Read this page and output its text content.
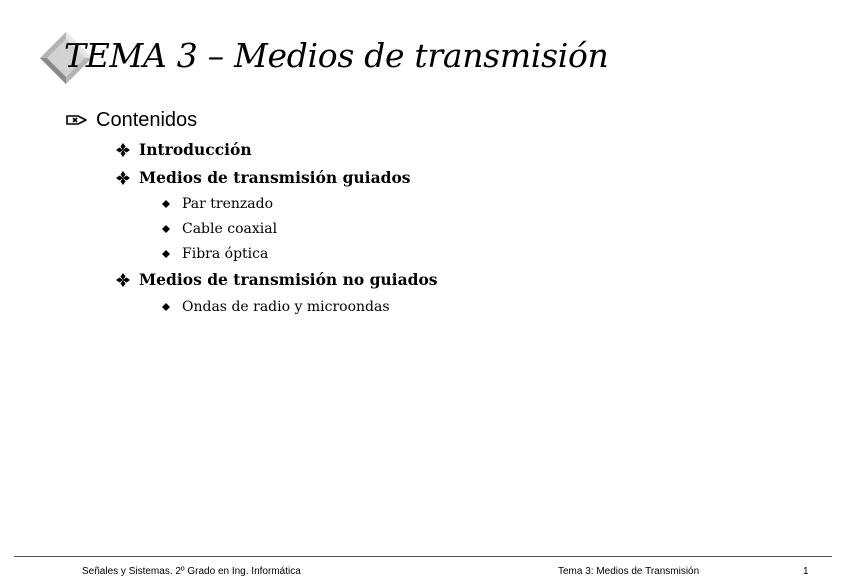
TEMA 3 – Medios de transmisión
Contenidos
Introducción
Medios de transmisión guiados
Par trenzado
Cable coaxial
Fibra óptica
Medios de transmisión no guiados
Ondas de radio y microondas
Señales y Sistemas. 2º Grado en Ing. Informática	Tema 3: Medios de Transmisión	1
